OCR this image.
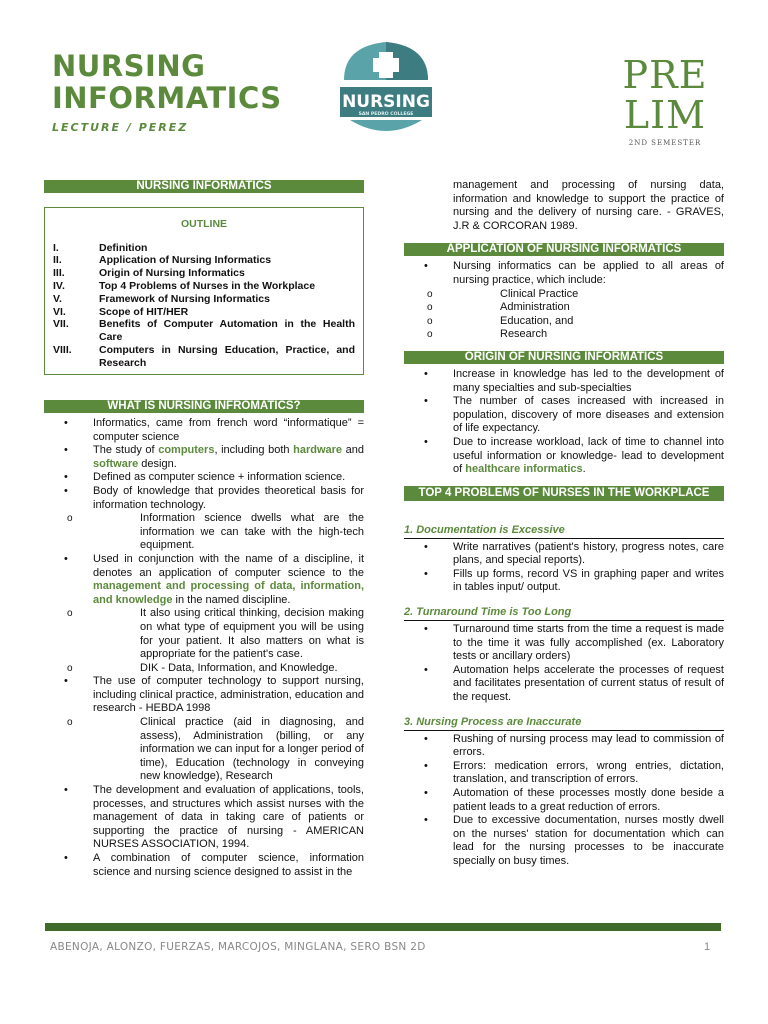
NURSING
INFORMATICS
LECTURE / PEREZ
NURSING
SAN PEDRO COLLEGE
PRE
LIM
2ND SEMESTER
NURSING INFORMATICS
OUTLINE
I.	Definition
II.	Application of Nursing Informatics
III.	Origin of Nursing Informatics
IV.	Top 4 Problems of Nurses in the Workplace
V.	Framework of Nursing Informatics
VI.	Scope of HIT/HER
VII.	Benefits of Computer Automation in the Health Care
VIII.	Computers in Nursing Education, Practice, and Research
WHAT IS NURSING INFROMATICS?
• Informatics, came from french word “informatique” = computer science
• The study of computers, including both hardware and software design.
• Defined as computer science + information science.
• Body of knowledge that provides theoretical basis for information technology.
o Information science dwells what are the information we can take with the high-tech equipment.
• Used in conjunction with the name of a discipline, it denotes an application of computer science to the management and processing of data, information, and knowledge in the named discipline.
o It also using critical thinking, decision making on what type of equipment you will be using for your patient. It also matters on what is appropriate for the patient's case.
o DIK - Data, Information, and Knowledge.
• The use of computer technology to support nursing, including clinical practice, administration, education and research - HEBDA 1998
o Clinical practice (aid in diagnosing, and assess), Administration (billing, or any information we can input for a longer period of time), Education (technology in conveying new knowledge), Research
• The development and evaluation of applications, tools, processes, and structures which assist nurses with the management of data in taking care of patients or supporting the practice of nursing - AMERICAN NURSES ASSOCIATION, 1994.
• A combination of computer science, information science and nursing science designed to assist in the
management and processing of nursing data, information and knowledge to support the practice of nursing and the delivery of nursing care. - GRAVES, J.R & CORCORAN 1989.
APPLICATION OF NURSING INFORMATICS
• Nursing informatics can be applied to all areas of nursing practice, which include:
o Clinical Practice
o Administration
o Education, and
o Research
ORIGIN OF NURSING INFORMATICS
• Increase in knowledge has led to the development of many specialties and sub-specialties
• The number of cases increased with increased in population, discovery of more diseases and extension of life expectancy.
• Due to increase workload, lack of time to channel into useful information or knowledge- lead to development of healthcare informatics.
TOP 4 PROBLEMS OF NURSES IN THE WORKPLACE

1. Documentation is Excessive

• Write narratives (patient's history, progress notes, care plans, and special reports).
• Fills up forms, record VS in graphing paper and writes in tables input/ output.

2. Turnaround Time is Too Long

• Turnaround time starts from the time a request is made to the time it was fully accomplished (ex. Laboratory tests or ancillary orders)
• Automation helps accelerate the processes of request and facilitates presentation of current status of result of the request.

3. Nursing Process are Inaccurate

• Rushing of nursing process may lead to commission of errors.
• Errors: medication errors, wrong entries, dictation, translation, and transcription of errors.
• Automation of these processes mostly done beside a patient leads to a great reduction of errors.
• Due to excessive documentation, nurses mostly dwell on the nurses' station for documentation which can lead for the nursing processes to be inaccurate specially on busy times.
ABENOJA, ALONZO, FUERZAS, MARCOJOS, MINGLANA, SERO BSN 2D	1
